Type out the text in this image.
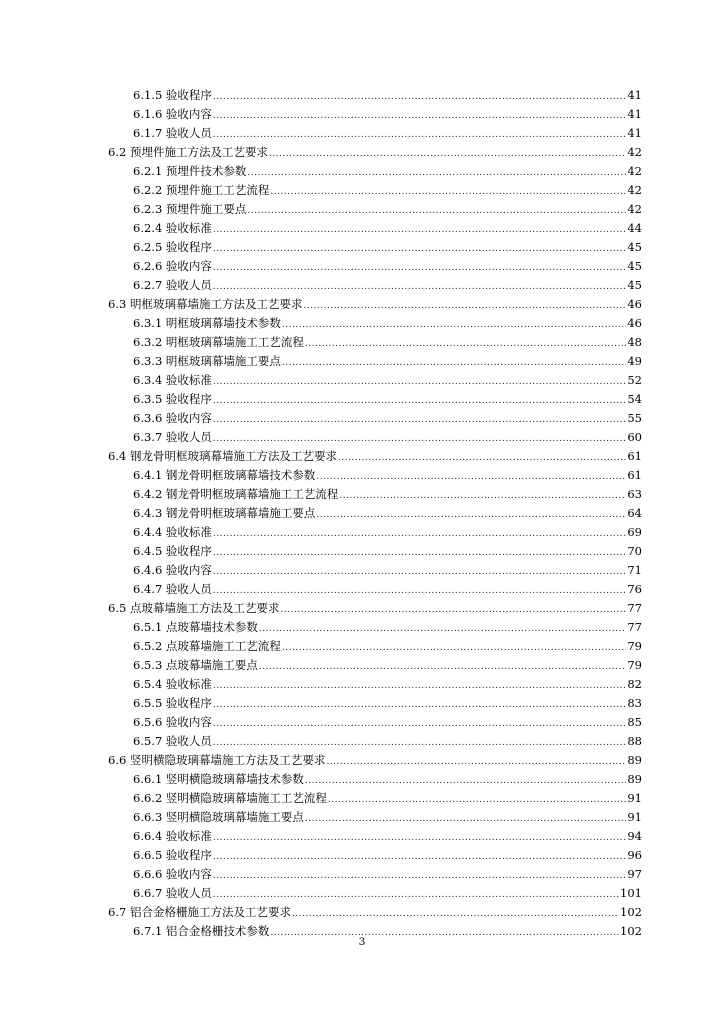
6.1.5 验收程序 .....	41
6.1.6 验收内容 .....	41
6.1.7 验收人员 .....	41
6.2 预埋件施工方法及工艺要求 .....	42
6.2.1 预埋件技术参数 .....	42
6.2.2 预埋件施工工艺流程 .....	42
6.2.3 预埋件施工要点 .....	42
6.2.4 验收标准 .....	44
6.2.5 验收程序 .....	45
6.2.6 验收内容 .....	45
6.2.7 验收人员 .....	45
6.3 明框玻璃幕墙施工方法及工艺要求 .....	46
6.3.1 明框玻璃幕墙技术参数 .....	46
6.3.2 明框玻璃幕墙施工工艺流程 .....	48
6.3.3 明框玻璃幕墙施工要点 .....	49
6.3.4 验收标准 .....	52
6.3.5 验收程序 .....	54
6.3.6 验收内容 .....	55
6.3.7 验收人员 .....	60
6.4 钢龙骨明框玻璃幕墙施工方法及工艺要求 .....	61
6.4.1 钢龙骨明框玻璃幕墙技术参数 .....	61
6.4.2 钢龙骨明框玻璃幕墙施工工艺流程 .....	63
6.4.3 钢龙骨明框玻璃幕墙施工要点 .....	64
6.4.4 验收标准 .....	69
6.4.5 验收程序 .....	70
6.4.6 验收内容 .....	71
6.4.7 验收人员 .....	76
6.5 点玻幕墙施工方法及工艺要求 .....	77
6.5.1 点玻幕墙技术参数 .....	77
6.5.2 点玻幕墙施工工艺流程 .....	79
6.5.3 点玻幕墙施工要点 .....	79
6.5.4 验收标准 .....	82
6.5.5 验收程序 .....	83
6.5.6 验收内容 .....	85
6.5.7 验收人员 .....	88
6.6 竖明横隐玻璃幕墙施工方法及工艺要求 .....	89
6.6.1 竖明横隐玻璃幕墙技术参数 .....	89
6.6.2 竖明横隐玻璃幕墙施工工艺流程 .....	91
6.6.3 竖明横隐玻璃幕墙施工要点 .....	91
6.6.4 验收标准 .....	94
6.6.5 验收程序 .....	96
6.6.6 验收内容 .....	97
6.6.7 验收人员 .....	101
6.7 铝合金格栅施工方法及工艺要求 .....	102
6.7.1 铝合金格栅技术参数 .....	102
3
